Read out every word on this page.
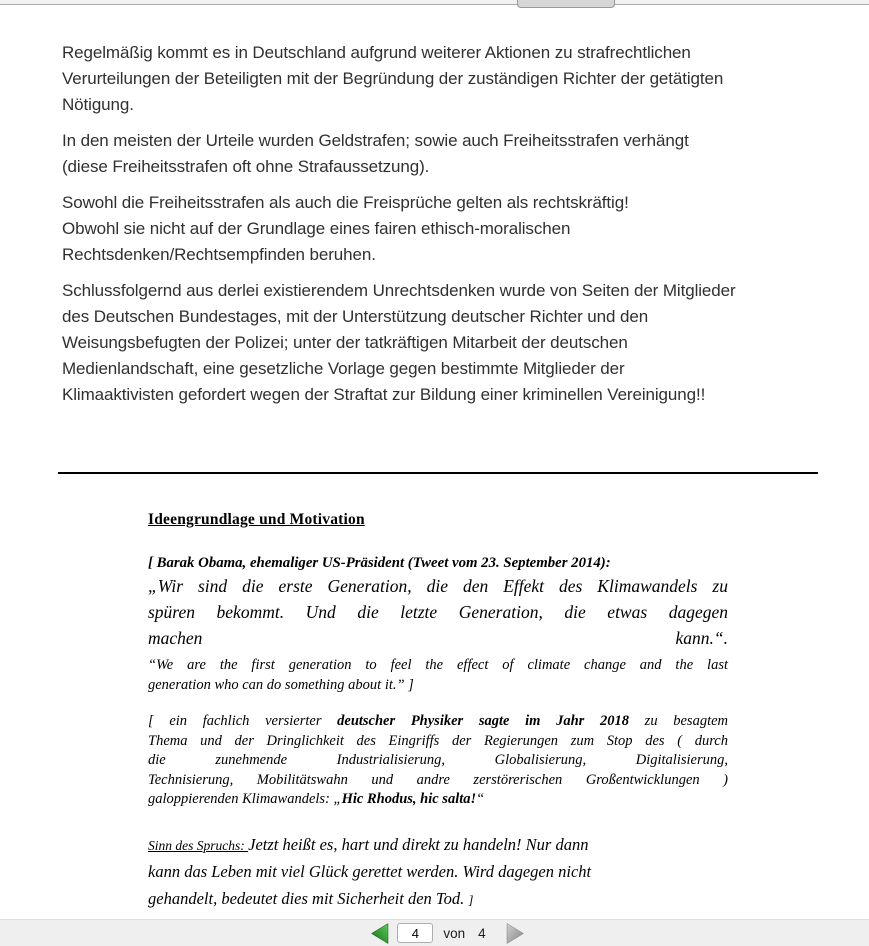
Regelmäßig kommt es in Deutschland aufgrund weiterer Aktionen zu strafrechtlichen
Verurteilungen der Beteiligten mit der Begründung der zuständigen Richter der getätigten
Nötigung.
In den meisten der Urteile wurden Geldstrafen; sowie auch Freiheitsstrafen verhängt
(diese Freiheitsstrafen oft ohne Strafaussetzung).
Sowohl die Freiheitsstrafen als auch die Freisprüche gelten als rechtskräftig!
Obwohl sie nicht auf der Grundlage eines fairen ethisch-moralischen
Rechtsdenken/Rechtsempfinden beruhen.
Schlussfolgernd aus derlei existierendem Unrechtsdenken wurde von Seiten der Mitglieder
des Deutschen Bundestages, mit der Unterstützung deutscher Richter und den
Weisungsbefugten der Polizei; unter der tatkräftigen Mitarbeit der deutschen
Medienlandschaft, eine gesetzliche Vorlage gegen bestimmte Mitglieder der
Klimaaktivisten gefordert wegen der Straftat zur Bildung einer kriminellen Vereinigung!!
Ideengrundlage und Motivation
[ Barak Obama, ehemaliger US-Präsident (Tweet vom 23. September 2014):
„Wir sind die erste Generation, die den Effekt des Klimawandels zu
spüren bekommt. Und die letzte Generation, die etwas dagegen
machen	kann.“.
“We are the first generation to feel the effect of climate change and the last
generation who can do something about it.” ]
[ ein fachlich versierter deutscher Physiker sagte im Jahr 2018 zu besagtem
Thema und der Dringlichkeit des Eingriffs der Regierungen zum Stop des ( durch
die zunehmende Industrialisierung, Globalisierung, Digitalisierung,
Technisierung, Mobilitätswahn und andre zerstörerischen Großentwicklungen )
galoppierenden Klimawandels: „Hic Rhodus, hic salta!“
Sinn des Spruchs: Jetzt heißt es, hart und direkt zu handeln! Nur dann
kann das Leben mit viel Glück gerettet werden. Wird dagegen nicht
gehandelt, bedeutet dies mit Sicherheit den Tod. ]
4
von 4
